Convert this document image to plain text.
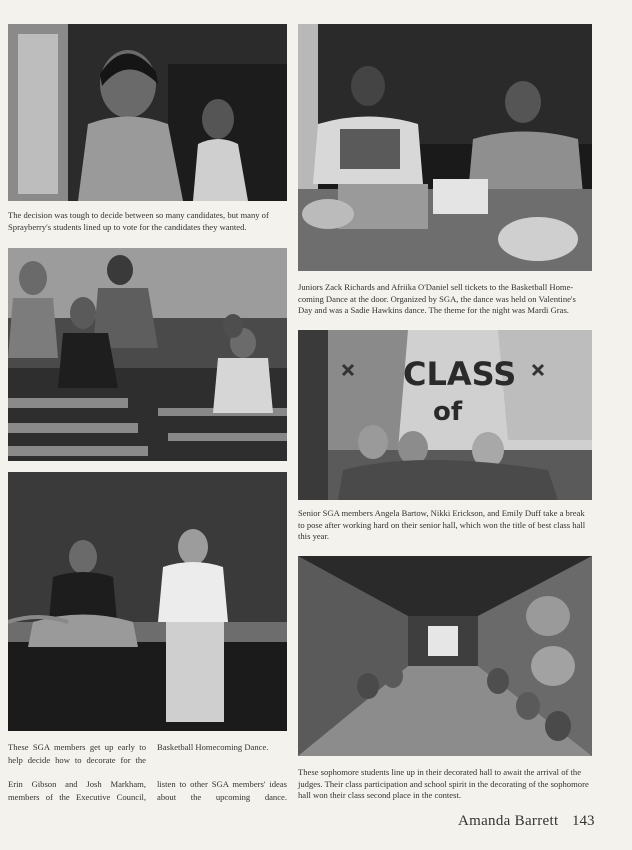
The decision was tough to decide between so many candidates, but many of Sprayberry's students lined up to vote for the candidates they wanted.

Juniors Zack Richards and Afriika O'Daniel sell tickets to the Basketball Home-coming Dance at the door. Organized by SGA, the dance was held on Valentine's Day and was a Sadie Hawkins dance. The theme for the night was Mardi Gras.

CLASS
of

Senior SGA members Angela Bartow, Nikki Erickson, and Emily Duff take a break to pose after working hard on their senior hall, which won the title of best class hall this year.

These sophomore students line up in their decorated hall to await the arrival of the judges. Their class participation and school spirit in the decorating of the sophomore hall won their class second place in the contest.

These SGA members get up early to
help decide how to decorate for the
Erin Gibson and Josh Markham,
members of the Executive Council,
Basketball Homecoming Dance.
listen to other SGA members' ideas
about the upcoming dance.
Amanda Barrett 143
